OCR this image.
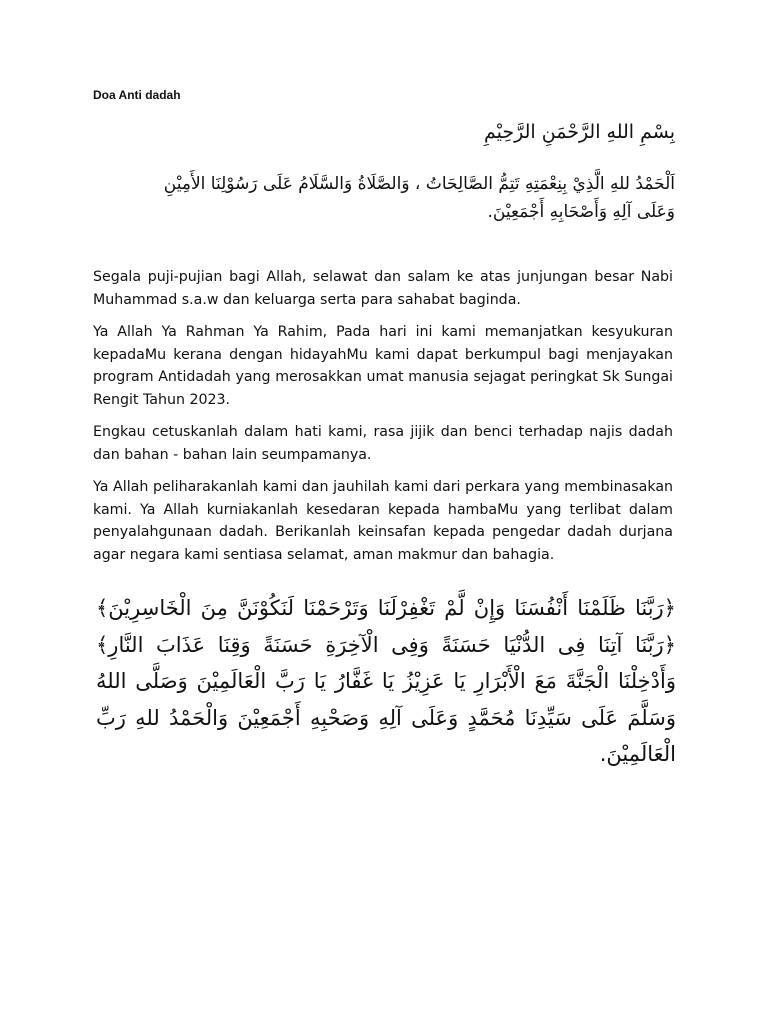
Doa Anti dadah
بِسْمِ اللهِ الرَّحْمَنِ الرَّحِيْمِ
اَلْحَمْدُ للهِ الَّذِيْ بِنِعْمَتِهِ تَتِمُّ الصَّالِحَاتُ ، وَالصَّلَاةُ وَالسَّلَامُ عَلَى رَسُوْلِنَا الأَمِيْنِ وَعَلَى آلِهِ وَأَصْحَابِهِ أَجْمَعِيْنَ.

Segala puji-pujian bagi Allah, selawat dan salam ke atas junjungan besar Nabi Muhammad s.a.w dan keluarga serta para sahabat baginda.

Ya Allah Ya Rahman Ya Rahim, Pada hari ini kami memanjatkan kesyukuran kepadaMu kerana dengan hidayahMu kami dapat berkumpul bagi menjayakan program Antidadah yang merosakkan umat manusia sejagat peringkat Sk Sungai Rengit Tahun 2023.

Engkau cetuskanlah dalam hati kami, rasa jijik dan benci terhadap najis dadah dan bahan - bahan lain seumpamanya.

Ya Allah peliharakanlah kami dan jauhilah kami dari perkara yang membinasakan kami. Ya Allah kurniakanlah kesedaran kepada hambaMu yang terlibat dalam penyalahgunaan dadah. Berikanlah keinsafan kepada pengedar dadah durjana agar negara kami sentiasa selamat, aman makmur dan bahagia.

﴿رَبَّنَا ظَلَمْنَا أَنْفُسَنَا وَإِنْ لَّمْ تَغْفِرْلَنَا وَتَرْحَمْنَا لَنَكُوْنَنَّ مِنَ الْخَاسِرِيْنَ﴾ ﴿رَبَّنَا آتِنَا فِى الدُّنْيَا حَسَنَةً وَفِى الْآخِرَةِ حَسَنَةً وَقِنَا عَذَابَ النَّارِ﴾ وَأَدْخِلْنَا الْجَنَّةَ مَعَ الْأَبْرَارِ يَا عَزِيْزُ يَا غَفَّارُ يَا رَبَّ الْعَالَمِيْنَ وَصَلَّى اللهُ وَسَلَّمَ عَلَى سَيِّدِنَا مُحَمَّدٍ وَعَلَى آلِهِ وَصَحْبِهِ أَجْمَعِيْنَ وَالْحَمْدُ للهِ رَبِّ الْعَالَمِيْنَ.
